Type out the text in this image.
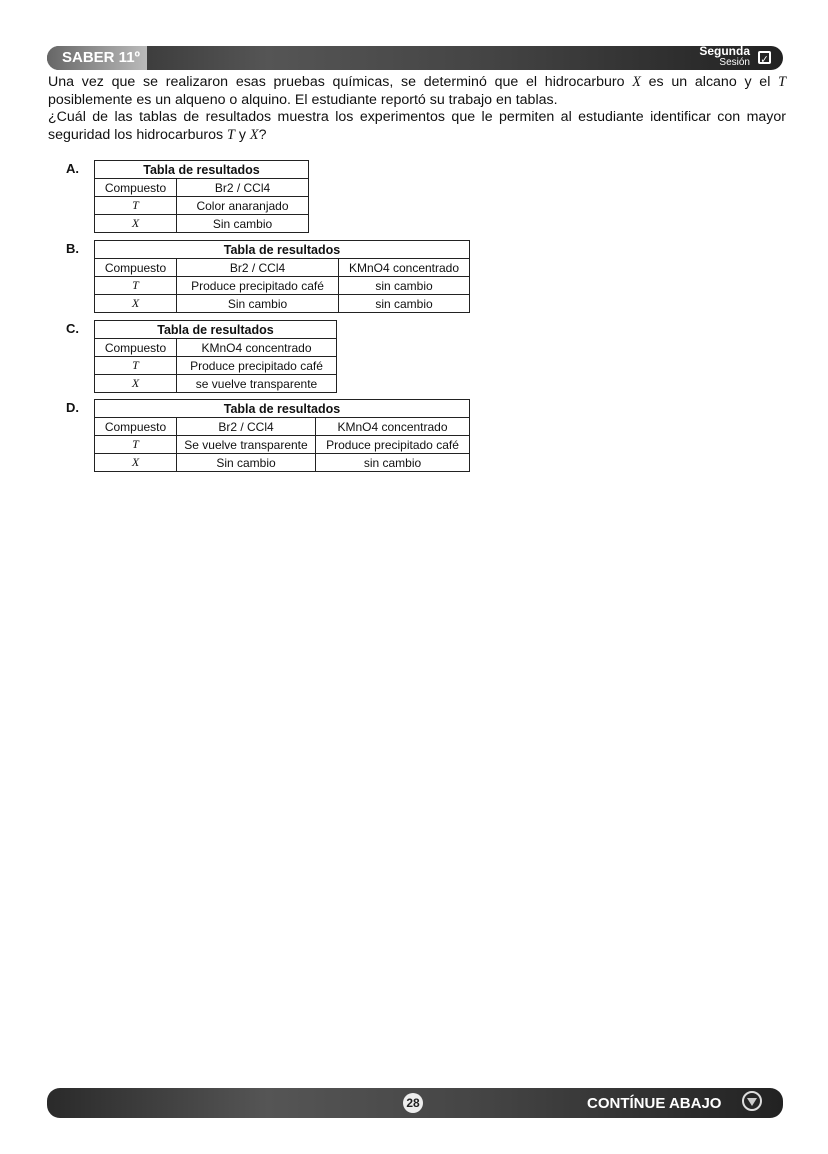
SABER 11º	Segunda
Sesión ✓

Una vez que se realizaron esas pruebas químicas, se determinó que el hidrocarburo X es un alcano y el T posiblemente es un alqueno o alquino. El estudiante reportó su trabajo en tablas.

¿Cuál de las tablas de resultados muestra los experimentos que le permiten al estudiante identificar con mayor seguridad los hidrocarburos T y X?

A.	Tabla de resultados	
Compuesto	Br2 / CCl4
T	Color anaranjado
X	Sin cambio
B.	Tabla de resultados		
Compuesto	Br2 / CCl4	KMnO4 concentrado
T	Produce precipitado café	sin cambio
X	Sin cambio	sin cambio
C.	Tabla de resultados	
Compuesto	KMnO4 concentrado
T	Produce precipitado café
X	se vuelve transparente
D.	Tabla de resultados		
Compuesto	Br2 / CCl4	KMnO4 concentrado
T	Se vuelve transparente	Produce precipitado café
X	Sin cambio	sin cambio
28	CONTÍNUE ABAJO
